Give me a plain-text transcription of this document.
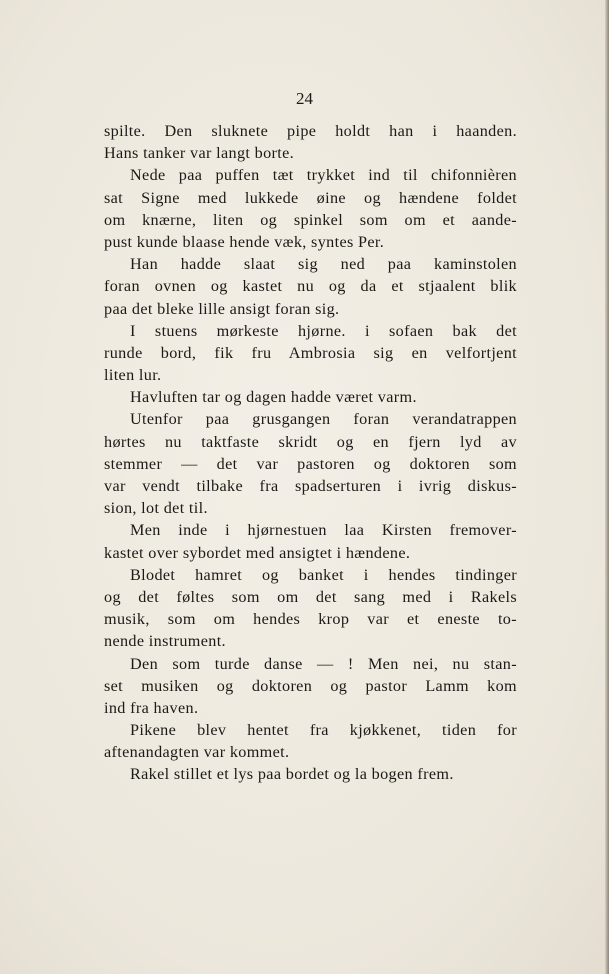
24
spilte. Den sluknete pipe holdt han i haanden.
Hans tanker var langt borte.
Nede paa puffen tæt trykket ind til chifonnièren
sat Signe med lukkede øine og hændene foldet
om knærne, liten og spinkel som om et aande-
pust kunde blaase hende væk, syntes Per.
Han hadde slaat sig ned paa kaminstolen
foran ovnen og kastet nu og da et stjaalent blik
paa det bleke lille ansigt foran sig.
I stuens mørkeste hjørne. i sofaen bak det
runde bord, fik fru Ambrosia sig en velfortjent
liten lur.
Havluften tar og dagen hadde været varm.
Utenfor paa grusgangen foran verandatrappen
hørtes nu taktfaste skridt og en fjern lyd av
stemmer — det var pastoren og doktoren som
var vendt tilbake fra spadserturen i ivrig diskus-
sion, lot det til.
Men inde i hjørnestuen laa Kirsten fremover-
kastet over sybordet med ansigtet i hændene.
Blodet hamret og banket i hendes tindinger
og det føltes som om det sang med i Rakels
musik, som om hendes krop var et eneste to-
nende instrument.
Den som turde danse — ! Men nei, nu stan-
set musiken og doktoren og pastor Lamm kom
ind fra haven.
Pikene blev hentet fra kjøkkenet, tiden for
aftenandagten var kommet.
Rakel stillet et lys paa bordet og la bogen frem.
